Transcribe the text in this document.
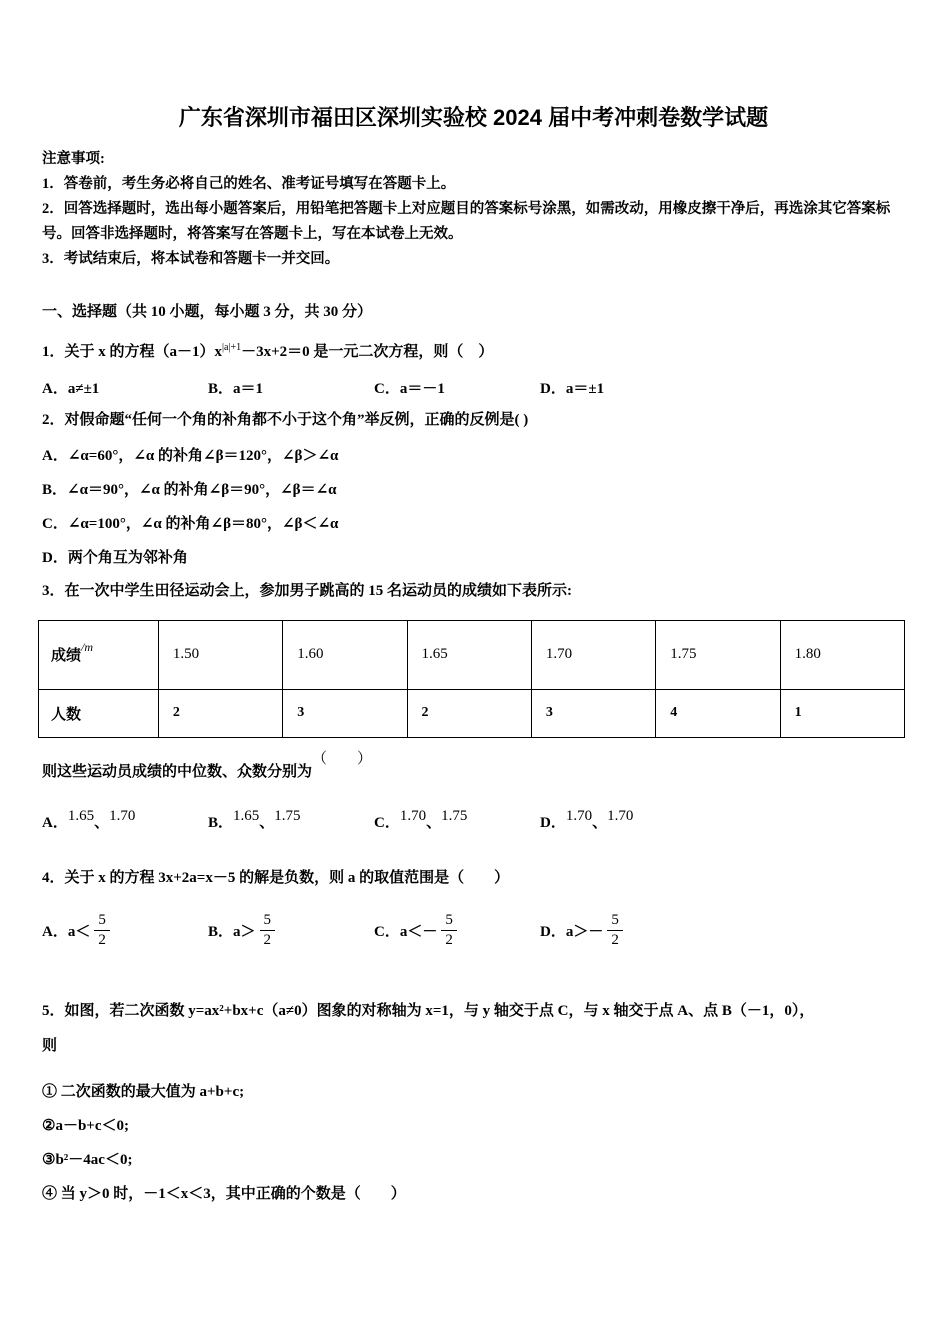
广东省深圳市福田区深圳实验校 2024 届中考冲刺卷数学试题
注意事项:
1．答卷前，考生务必将自己的姓名、准考证号填写在答题卡上。
2．回答选择题时，选出每小题答案后，用铅笔把答题卡上对应题目的答案标号涂黑，如需改动，用橡皮擦干净后，再选涂其它答案标号。回答非选择题时，将答案写在答题卡上，写在本试卷上无效。
3．考试结束后，将本试卷和答题卡一并交回。
一、选择题（共 10 小题，每小题 3 分，共 30 分）
1．关于 x 的方程$(a-1)x^{|a|+1}-3x+2=0$ 是一元二次方程，则（　）
A．a≠±1	B．a＝1	C．a＝－1	D．a＝±1
2．对假命题“任何一个角的补角都不小于这个角”举反例，正确的反例是( )
A．∠α=60°，∠α 的补角∠β＝120°，∠β＞∠α
B．∠α＝90°，∠α 的补角∠β＝90°，∠β＝∠α
C．∠α=100°，∠α 的补角∠β＝80°，∠β＜∠α
D．两个角互为邻补角
3．在一次中学生田径运动会上，参加男子跳高的 15 名运动员的成绩如下表所示:
成绩$^{/m}$	1.50	1.60	1.65	1.70	1.75	1.80
人数	2	3	2	3	4	1
则这些运动员成绩的中位数、众数分别为（　　）
A．1.65、1.70	B．1.65、1.75	C．1.70、1.75	D．1.70、1.70
4．关于 x 的方程 3x+2a=x－5 的解是负数，则 a 的取值范围是（　　）
A．$a< \frac{5}{2}$	B．$a> \frac{5}{2}$	C．$a<- \frac{5}{2}$	D．$a>- \frac{5}{2}$
5．如图，若二次函数 y=ax²+bx+c（a≠0）图象的对称轴为 x=1，与 y 轴交于点 C，与 x 轴交于点 A、点 B（－1，0），
则
① 二次函数的最大值为 a+b+c;
②a－b+c＜0;
③b²－4ac＜0;
④ 当 y＞0 时，－1＜x＜3，其中正确的个数是（　　）
